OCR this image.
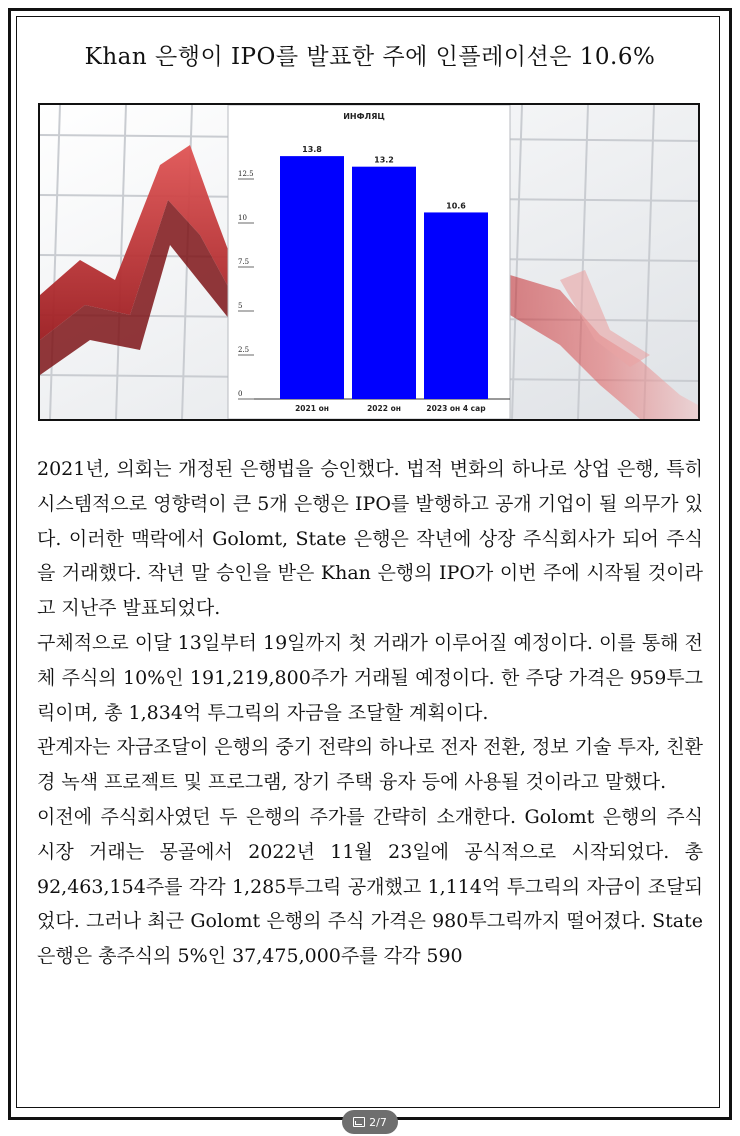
Khan 은행이 IPO를 발표한 주에 인플레이션은 10.6%
ИНФЛЯЦ
0
2.5
5
7.5
10
12.5
13.8
13.2
10.6
2021 он	2022 он	2023 он 4 сар

2021년, 의회는 개정된 은행법을 승인했다. 법적 변화의 하나로 상업 은행, 특히 시스템적으로 영향력이 큰 5개 은행은 IPO를 발행하고 공개 기업이 될 의무가 있다. 이러한 맥락에서 Golomt, State 은행은 작년에 상장 주식회사가 되어 주식을 거래했다. 작년 말 승인을 받은 Khan 은행의 IPO가 이번 주에 시작될 것이라고 지난주 발표되었다.

구체적으로 이달 13일부터 19일까지 첫 거래가 이루어질 예정이다. 이를 통해 전체 주식의 10%인 191,219,800주가 거래될 예정이다. 한 주당 가격은 959투그릭이며, 총 1,834억 투그릭의 자금을 조달할 계획이다.

관계자는 자금조달이 은행의 중기 전략의 하나로 전자 전환, 정보 기술 투자, 친환경 녹색 프로젝트 및 프로그램, 장기 주택 융자 등에 사용될 것이라고 말했다.

이전에 주식회사였던 두 은행의 주가를 간략히 소개한다. Golomt 은행의 주식 시장 거래는 몽골에서 2022년 11월 23일에 공식적으로 시작되었다. 총 92,463,154주를 각각 1,285투그릭 공개했고 1,114억 투그릭의 자금이 조달되었다. 그러나 최근 Golomt 은행의 주식 가격은 980투그릭까지 떨어졌다. State 은행은 총주식의 5%인 37,475,000주를 각각 590

2/7
